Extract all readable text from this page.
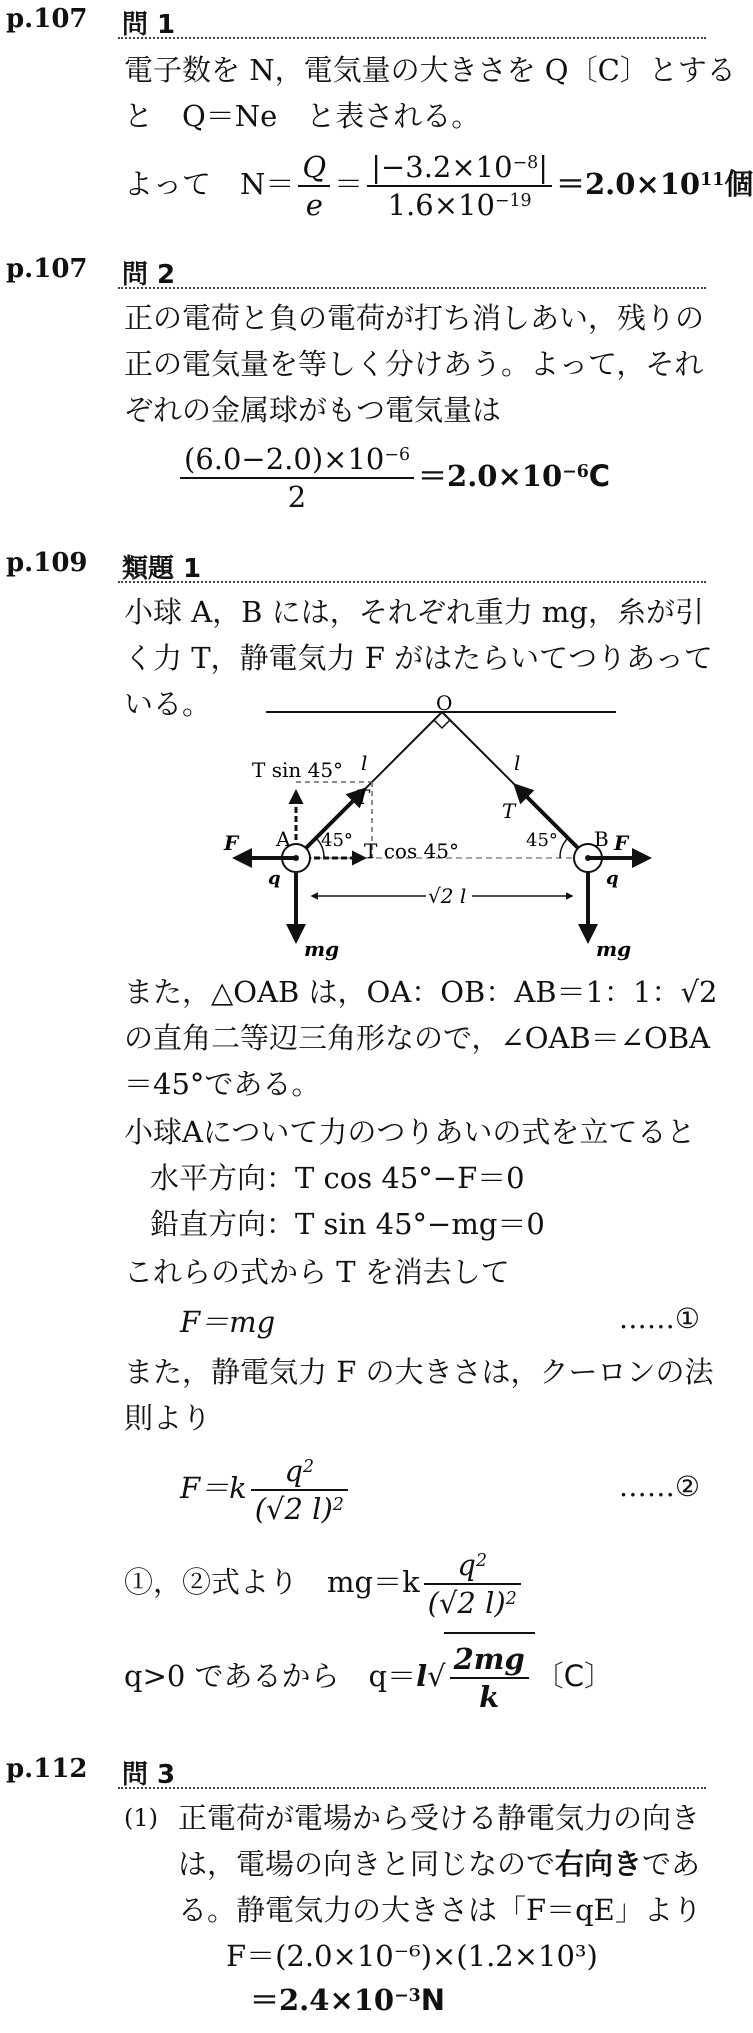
p.107 問 1
電子数を N，電気量の大きさを Q〔C〕とする
と　Q＝Ne　と表される。
よって　$N= \frac{Q}{e} = \frac{|-3.2\times 10^{-8}|}{1.6\times 10^{-19}} =2.0\times 10^{11}$個
p.107 問 2
正の電荷と負の電荷が打ち消しあい，残りの
正の電気量を等しく分けあう。よって，それ
ぞれの金属球がもつ電気量は
$\frac{(6.0-2.0)\times 10^{-6}}{2} =2.0\times 10^{-6}C$
p.109 類題 1
小球 A，B には，それぞれ重力 mg，糸が引
く力 T，静電気力 F がはたらいてつりあって
いる。	O
l	l
T sin 45°
T cos 45°
T
T
45°	45°
A	B
q	q
F	F
mg	mg
√2 l
また，△OAB は，OA：OB：AB＝1：1：√2
の直角二等辺三角形なので，∠OAB＝∠OBA
＝45°である。
小球Aについて力のつりあいの式を立てると
水平方向：T cos 45°−F＝0
鉛直方向：T sin 45°−mg＝0
これらの式から T を消去して
F＝mg	……①
また，静電気力 F の大きさは，クーロンの法
則より
$F=k \frac{q^2}{(√2 l)^2}$	……②
①，②式より　$mg=k \frac{q^2}{(√2 l)^2}$
q>0 であるから　$q=l√ \frac{2mg}{k}$ 〔C〕
p.112 問 3
(1) 正電荷が電場から受ける静電気力の向き
は，電場の向きと同じなので右向きであ
る。静電気力の大きさは「F＝qE」より
F＝(2.0×10⁻⁶)×(1.2×10³)
$=2.4\times 10^{-3}N$
